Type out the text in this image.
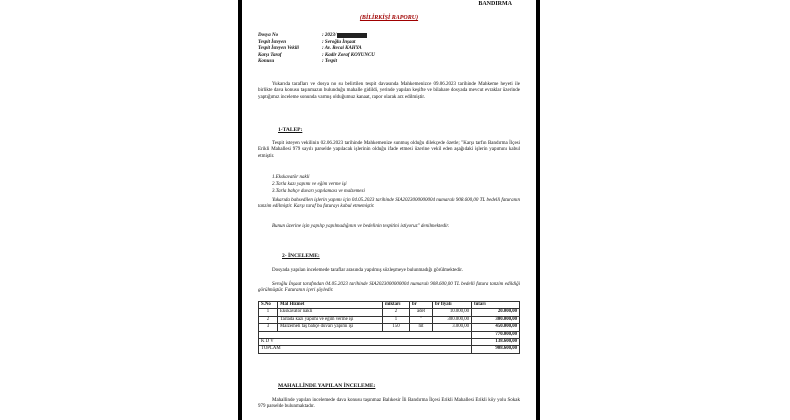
BANDIRMA
(BİLİRKİŞİ RAPORU)
Dosya No	: 2023/
Tespit İsteyen	: Seroğlu İnşaat
Tespit İsteyen Vekili	: Av. Recai KAHYA
Karşı Taraf	: Kadir Zoraf KOYUNCU
Konusu	: Tespit
Yukarıda tarafları ve dosya no su belirtilen tespit davasında Mahkemenizce 09.06.2023 tarihinde Mahkeme heyeti ile birlikte dava konusu taşınmazın bulunduğu mahalle gidildi, yerinde yapılan keşifte ve bilahare dosyada mevcut evraklar üzerinde yaptığımız inceleme sonunda varmış olduğumuz kanaat, rapor olarak arz edilmiştir.
1-TALEP:
Tespit isteyen vekilinin 02.06.2023 tarihinde Mahkemenize sunmuş olduğu dilekçede özetle; "Karşı tarfın Bandırma İlçesi Erikli Mahallesi 979 sayılı parselde yapılacak işlerinin olduğu ifade etmesi üzerine vekil eden aşağıdaki işlerin yapımını kabul etmiştir.
1.Ekskavatör nakli
2.Tarla kazı yapımı ve eğim verme işi
3.Tarla bahçe duvarı yapılaması ve malzemesi
Yukarıda bahsedilen işlerin yapımı için 04.05.2023 tarihinde SIA2023000000004 numaralı 908.600,00 TL bedelli faturanın tanzim edilmiştir. Karşı taraf bu faturayı kabul etmemiştir.
Bunun üzerine işin yapılıp yapılmadığının ve bedelinin tespitini istiyoruz" denilmektedir.
2- İNCELEME:
Dosyada yapılan incelemede taraflar arasında yapılmış sözleşmeye bulunmadığı görülmektedir.
Seroğlu İnşaat tarafından 04.05.2023 tarihinde SIA2023000000004 numaralı 908.600,00 TL bedelli fatura tanzim edildiği görülmüştür. Faturanın içeri şöyledir.
S.No	Mal Hizmet	miktarı	br	br fiyatı	tutarı
1	Ekskavatör nakli	2	adet	10.000,00	20.000,00
2	Tarlada kazı yapımı ve eğim verme işi	1	"	300.000,00	300.000,00
3	Malzemeli taş bahçe duvarı yapımı işi	150	mt	3.000,00	450.000,00
					770.000,00
K D V					138.600,00
TOPLAM					908.600,00
MAHALLİNDE YAPILAN İNCELEME:
Mahallinde yapılan incelemede dava konusu taşınmaz Balıkesir İli Bandırma İlçesi Erikli Mahallesi Erikli köy yolu Sokak 979 parselde bulunmaktadır.
